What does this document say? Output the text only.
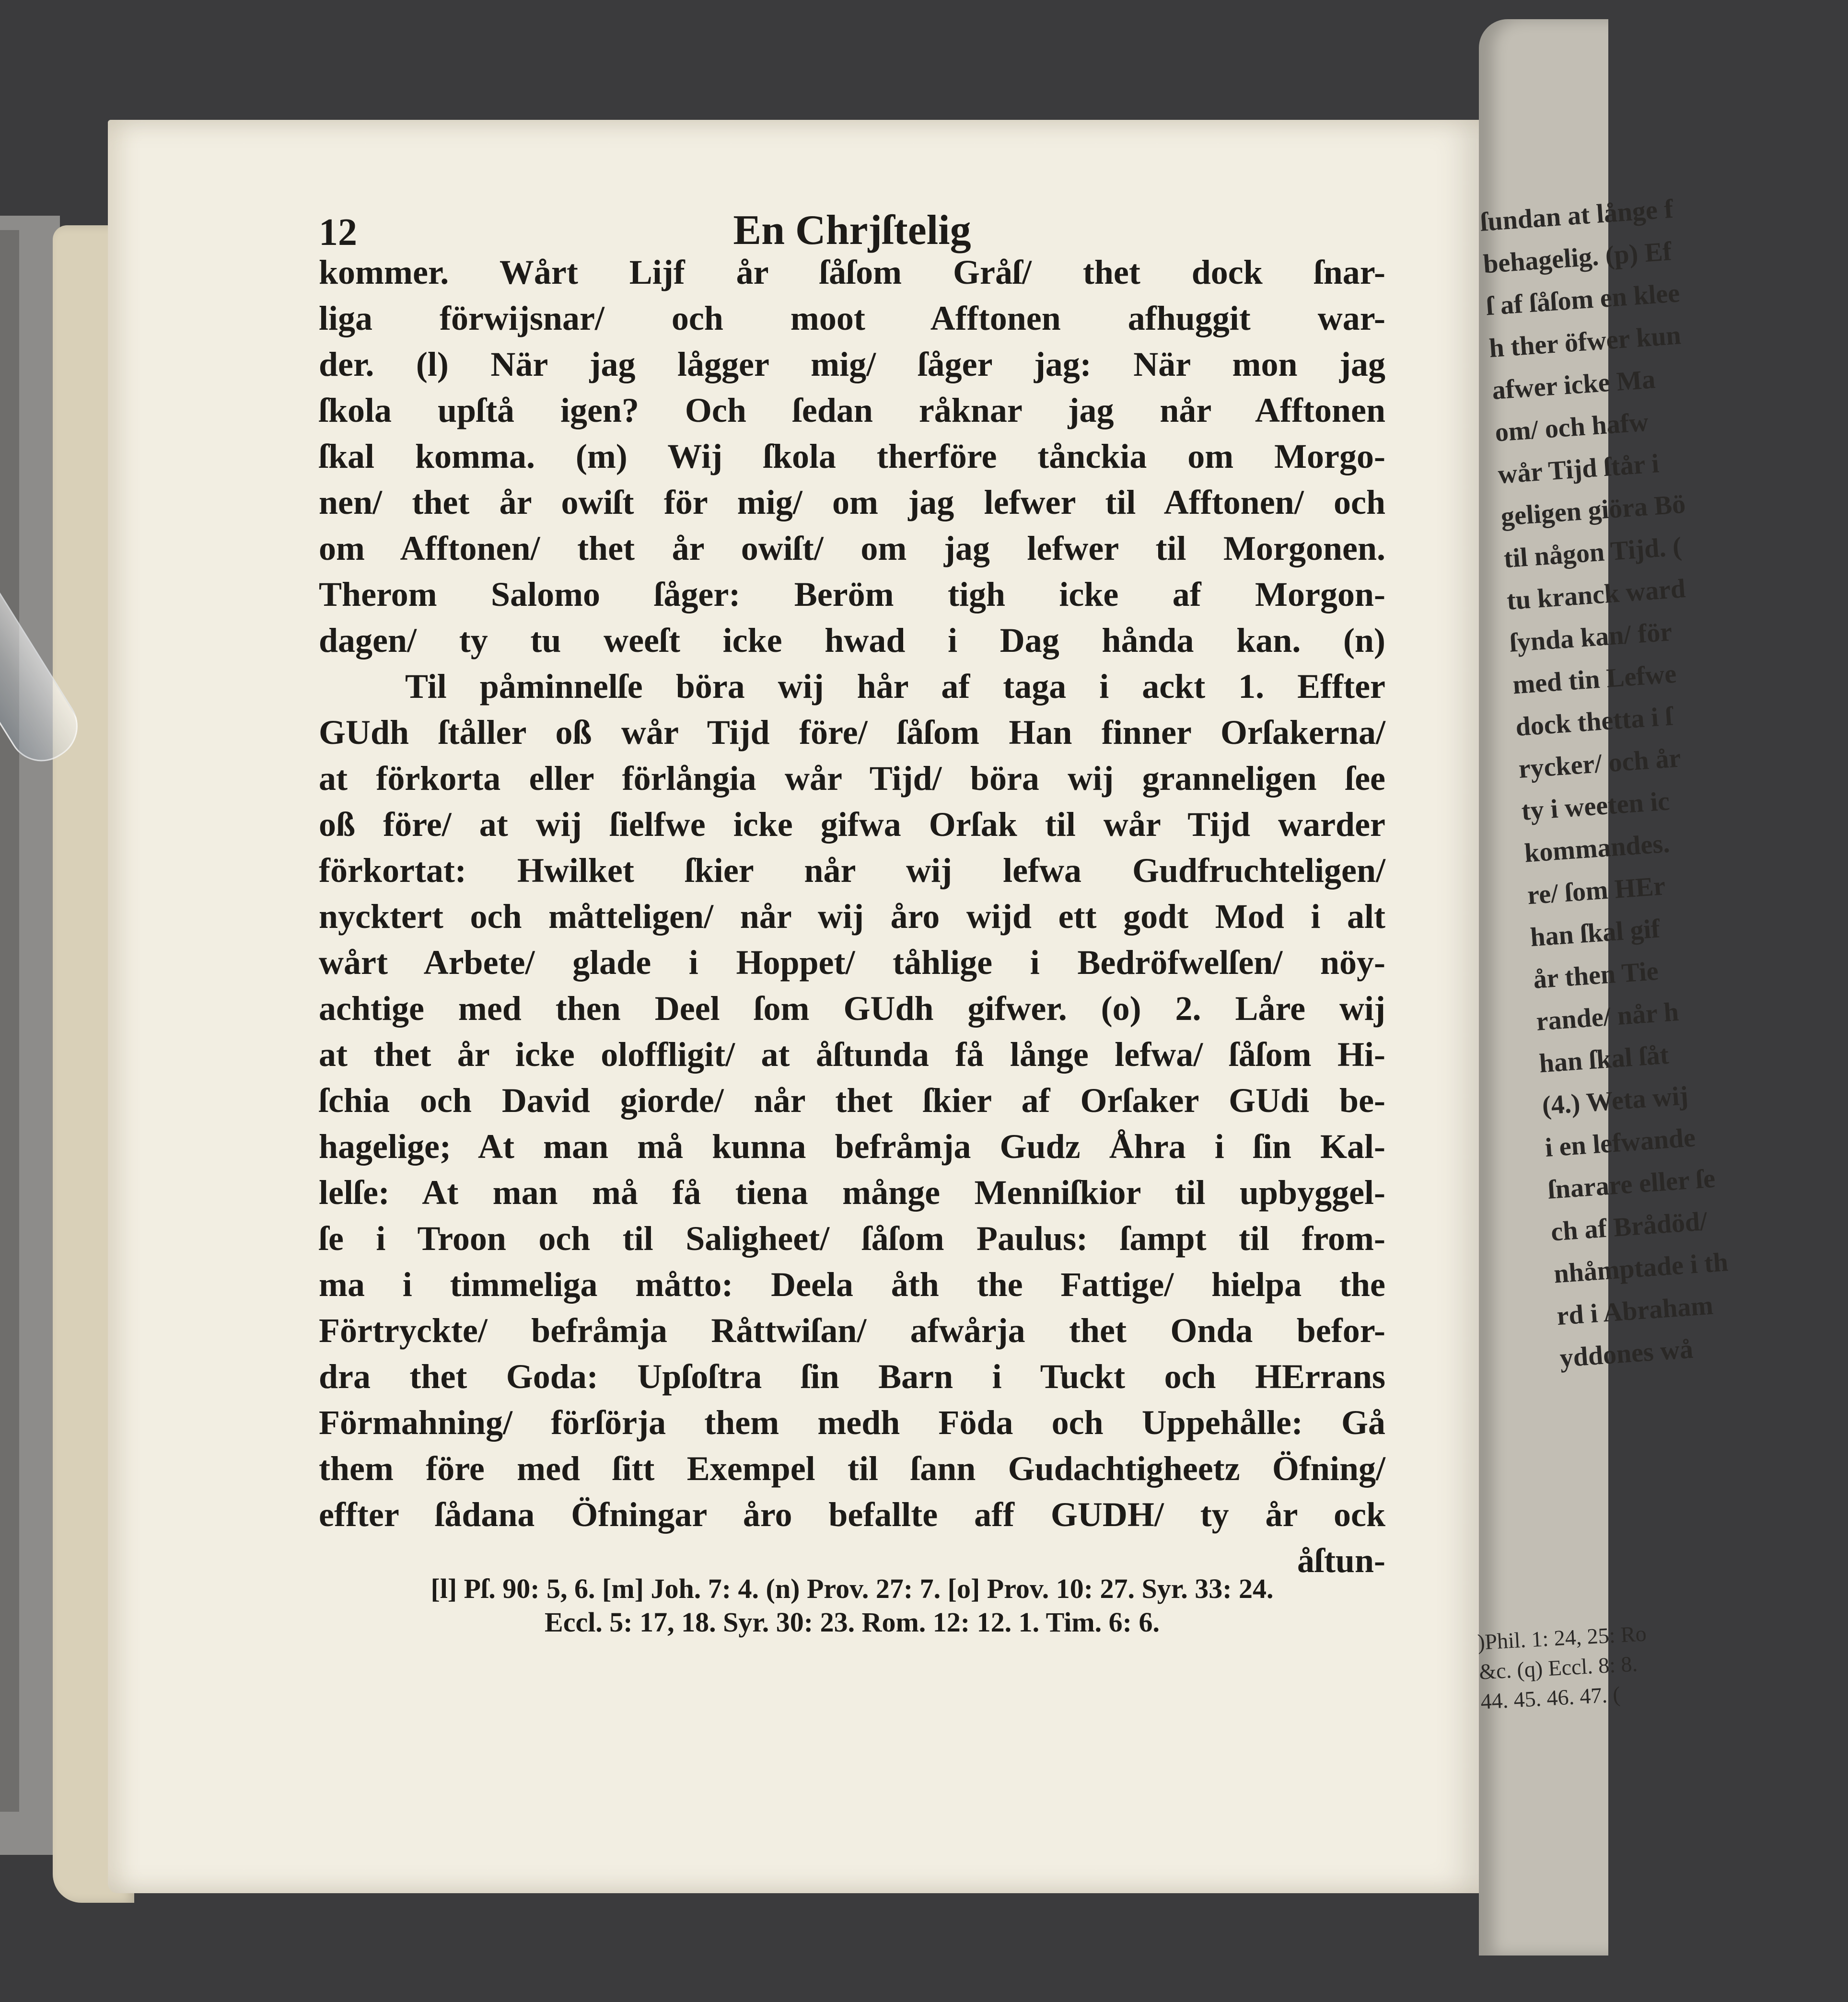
12	En Chrjſtelig
kommer. Wårt Lijf år ſåſom Gråſ/ thet dock ſnar-
liga förwijsnar/ och moot Afftonen afhuggit war-
der. (l) När jag lågger mig/ ſåger jag: När mon jag
ſkola upſtå igen? Och ſedan råknar jag når Afftonen
ſkal komma. (m) Wij ſkola therföre tånckia om Morgo-
nen/ thet år owiſt för mig/ om jag lefwer til Afftonen/ och
om Afftonen/ thet år owiſt/ om jag lefwer til Morgonen.
Therom Salomo ſåger: Beröm tigh icke af Morgon-
dagen/ ty tu weeſt icke hwad i Dag hånda kan. (n)
Til påminnelſe böra wij hår af taga i ackt 1. Effter
GUdh ſtåller oß wår Tijd före/ ſåſom Han finner Orſakerna/
at förkorta eller förlångia wår Tijd/ böra wij granneligen ſee
oß före/ at wij ſielfwe icke gifwa Orſak til wår Tijd warder
förkortat: Hwilket ſkier når wij lefwa Gudfruchteligen/
nycktert och måtteligen/ når wij åro wijd ett godt Mod i alt
wårt Arbete/ glade i Hoppet/ tåhlige i Bedröfwelſen/ nöy-
achtige med then Deel ſom GUdh gifwer. (o) 2. Låre wij
at thet år icke oloffligit/ at åſtunda få långe lefwa/ ſåſom Hi-
ſchia och David giorde/ når thet ſkier af Orſaker GUdi be-
hagelige; At man må kunna befråmja Gudz Åhra i ſin Kal-
lelſe: At man må få tiena månge Menniſkior til upbyggel-
ſe i Troon och til Saligheet/ ſåſom Paulus: ſampt til from-
ma i timmeliga måtto: Deela åth the Fattige/ hielpa the
Förtryckte/ befråmja Råttwiſan/ afwårja thet Onda befor-
dra thet Goda: Upſoſtra ſin Barn i Tuckt och HErrans
Förmahning/ förſörja them medh Föda och Uppehålle: Gå
them före med ſitt Exempel til ſann Gudachtigheetz Öfning/
effter ſådana Öfningar åro befallte aff GUDH/ ty år ock
åſtun-
[l] Pſ. 90: 5, 6. [m] Joh. 7: 4. (n) Prov. 27: 7. [o] Prov. 10: 27. Syr. 33: 24.
Eccl. 5: 17, 18. Syr. 30: 23. Rom. 12: 12. 1. Tim. 6: 6.
ſundan at långe f
behagelig. (p) Ef
ſ af ſåſom en klee
h ther öfwer kun
afwer icke Ma
om/ och hafw
wår Tijd ſtår i
geligen giöra Bö
til någon Tijd. (
tu kranck ward
ſynda kan/ för
med tin Lefwe
dock thetta i ſ
rycker/ och år
ty i weeten ic
kommandes.
re/ ſom HEr
han ſkal gif
år then Tie
rande/ når h
han ſkal ſåt
(4.) Weta wij
i en lefwande
ſnarare eller ſe
ch af Brådöd/
nhåmptade i th
rd i Abraham
yddones wå
)Phil. 1: 24, 25: Ro
&c. (q) Eccl. 8: 8.
44. 45. 46. 47. (
